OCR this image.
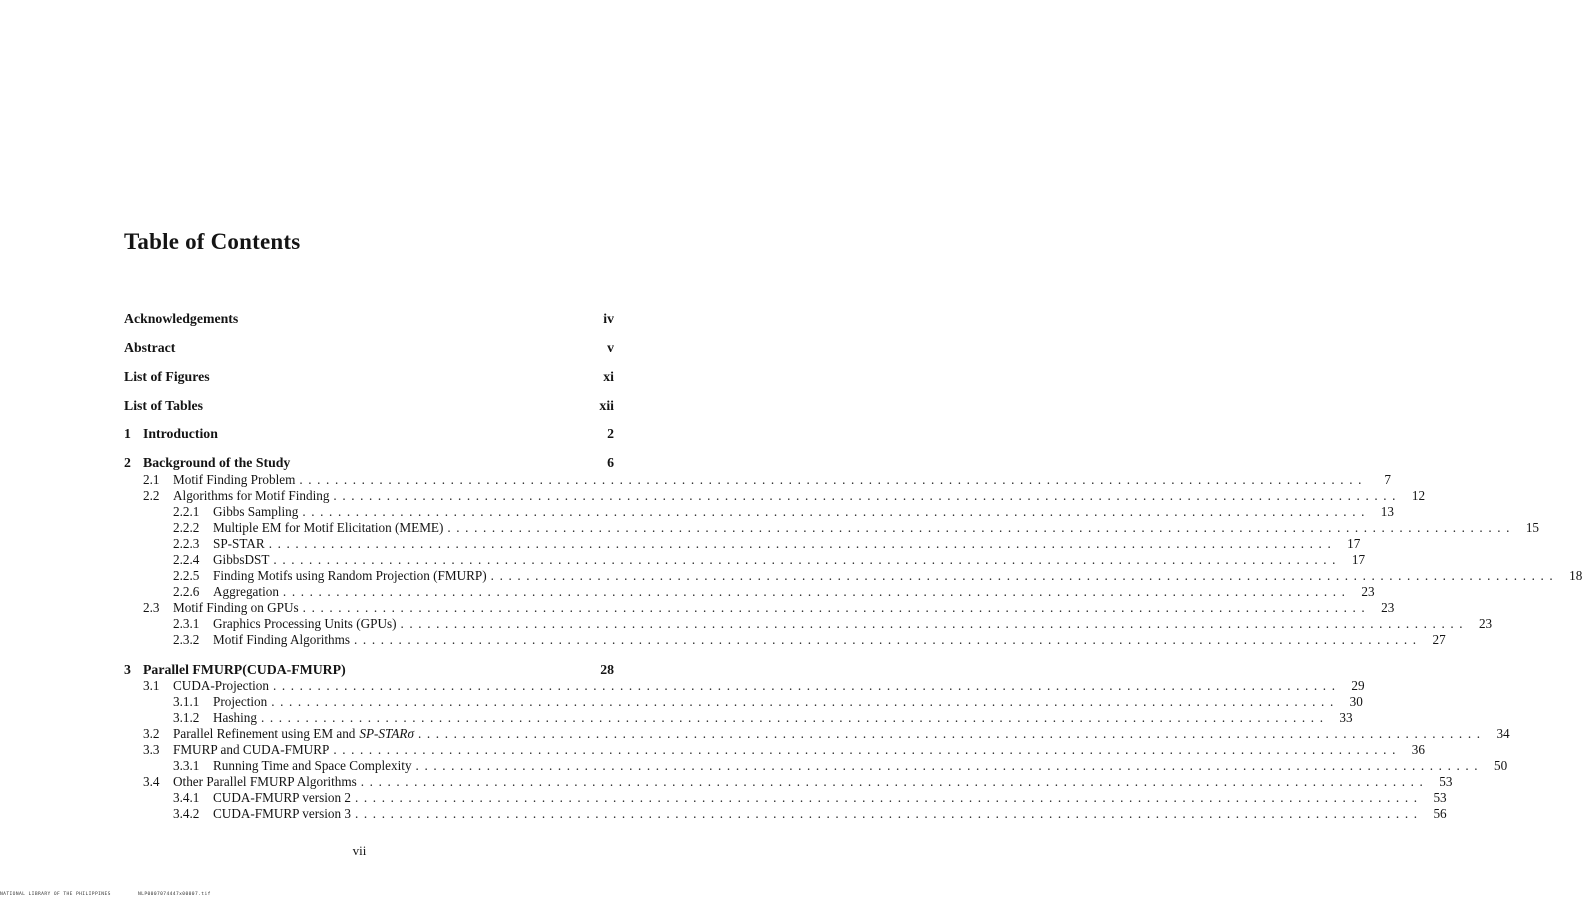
Table of Contents
Acknowledgements	iv
Abstract	v
List of Figures	xi
List of Tables	xii
1 Introduction	2
2 Background of the Study	6
2.1	Motif Finding Problem ........................................................................................................................	7
2.2	Algorithms for Motif Finding ........................................................................................................................ 12
2.2.1	Gibbs Sampling ........................................................................................................................ 13
2.2.2	Multiple EM for Motif Elicitation (MEME) ........................................................................................................................ 15
2.2.3	SP-STAR ........................................................................................................................ 17
2.2.4	GibbsDST ........................................................................................................................ 17
2.2.5	Finding Motifs using Random Projection (FMURP) ........................................................................................................................ 18
2.2.6	Aggregation ........................................................................................................................ 23
2.3	Motif Finding on GPUs ........................................................................................................................ 23
2.3.1	Graphics Processing Units (GPUs) ........................................................................................................................ 23
2.3.2	Motif Finding Algorithms ........................................................................................................................ 27
3 Parallel FMURP(CUDA-FMURP)	28
3.1	CUDA-Projection ........................................................................................................................ 29
3.1.1	Projection ........................................................................................................................ 30
3.1.2	Hashing ........................................................................................................................ 33
3.2	Parallel Refinement using EM and SP-STARσ ........................................................................................................................ 34
3.3	FMURP and CUDA-FMURP ........................................................................................................................ 36
3.3.1	Running Time and Space Complexity ........................................................................................................................ 50
3.4	Other Parallel FMURP Algorithms ........................................................................................................................ 53
3.4.1	CUDA-FMURP version 2 ........................................................................................................................ 53
3.4.2	CUDA-FMURP version 3 ........................................................................................................................ 56
vii
NATIONAL LIBRARY OF THE PHILIPPINES	NLP0007074447x00007.tif
